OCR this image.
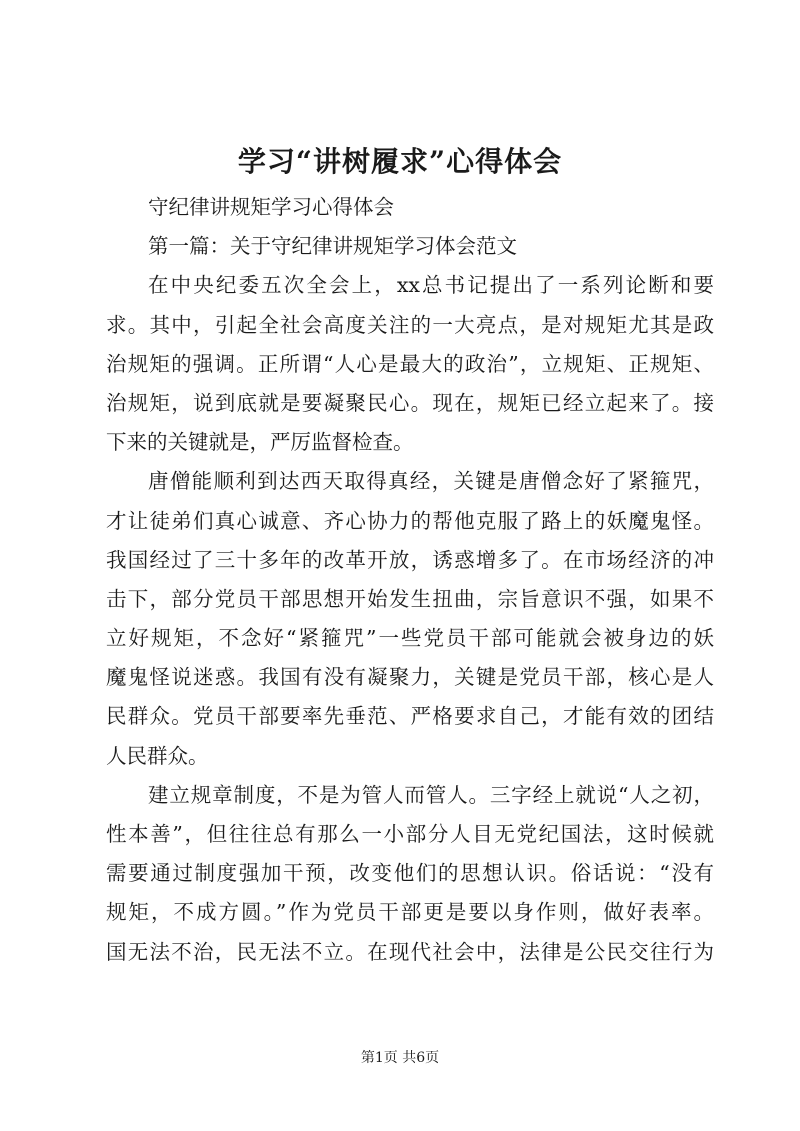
学习“讲树履求”心得体会
守纪律讲规矩学习心得体会
第一篇：关于守纪律讲规矩学习体会范文
在中央纪委五次全会上，xx总书记提出了一系列论断和要
求。其中，引起全社会高度关注的一大亮点，是对规矩尤其是政
治规矩的强调。正所谓“人心是最大的政治”，立规矩、正规矩、
治规矩，说到底就是要凝聚民心。现在，规矩已经立起来了。接
下来的关键就是，严厉监督检查。
唐僧能顺利到达西天取得真经，关键是唐僧念好了紧箍咒，
才让徒弟们真心诚意、齐心协力的帮他克服了路上的妖魔鬼怪。
我国经过了三十多年的改革开放，诱惑增多了。在市场经济的冲
击下，部分党员干部思想开始发生扭曲，宗旨意识不强，如果不
立好规矩，不念好“紧箍咒”一些党员干部可能就会被身边的妖
魔鬼怪说迷惑。我国有没有凝聚力，关键是党员干部，核心是人
民群众。党员干部要率先垂范、严格要求自己，才能有效的团结
人民群众。
建立规章制度，不是为管人而管人。三字经上就说“人之初，
性本善”，但往往总有那么一小部分人目无党纪国法，这时候就
需要通过制度强加干预，改变他们的思想认识。俗话说：“没有
规矩，不成方圆。”作为党员干部更是要以身作则，做好表率。
国无法不治，民无法不立。在现代社会中，法律是公民交往行为
第1页 共6页
